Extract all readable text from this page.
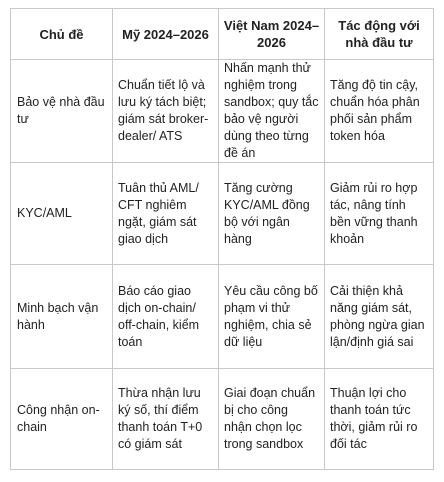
Chủ đề	Mỹ 2024–2026	Việt Nam 2024–2026	Tác động với nhà đầu tư
Bảo vệ nhà đầu tư	Chuẩn tiết lộ và lưu ký tách biệt; giám sát broker-dealer/ ATS	Nhấn mạnh thử nghiệm trong sandbox; quy tắc bảo vệ người dùng theo từng đề án	Tăng độ tin cậy, chuẩn hóa phân phối sản phẩm token hóa
KYC/AML	Tuân thủ AML/ CFT nghiêm ngặt, giám sát giao dịch	Tăng cường KYC/AML đồng bộ với ngân hàng	Giảm rủi ro hợp tác, nâng tính bền vững thanh khoản
Minh bạch vận hành	Báo cáo giao dịch on-chain/ off-chain, kiểm toán	Yêu cầu công bố phạm vi thử nghiệm, chia sẻ dữ liệu	Cải thiện khả năng giám sát, phòng ngừa gian lận/định giá sai
Công nhận on-chain	Thừa nhận lưu ký số, thí điểm thanh toán T+0 có giám sát	Giai đoạn chuẩn bị cho công nhận chọn lọc trong sandbox	Thuận lợi cho thanh toán tức thời, giảm rủi ro đối tác
